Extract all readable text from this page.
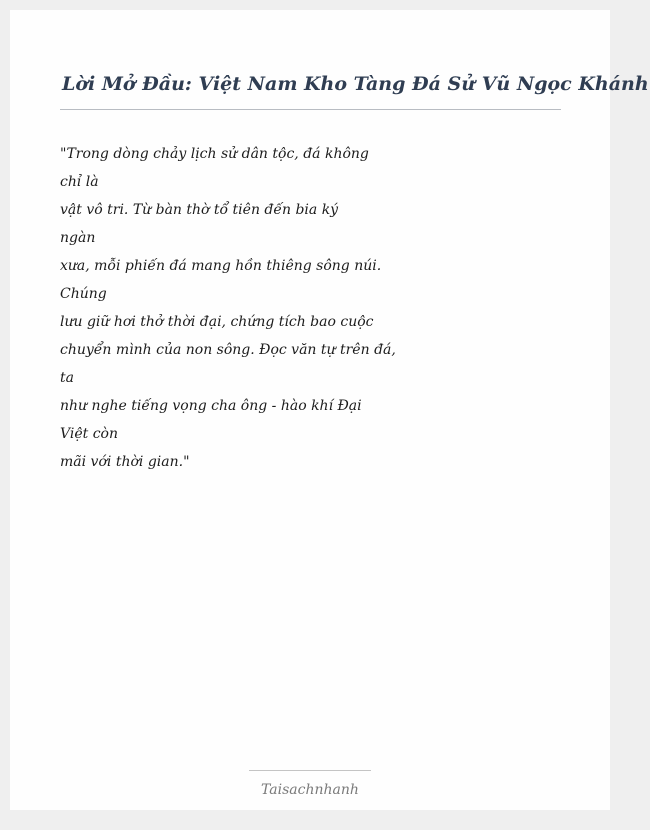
Lời Mở Đầu: Việt Nam Kho Tàng Đá Sử Vũ Ngọc Khánh
"Trong dòng chảy lịch sử dân tộc, đá không
chỉ là
vật vô tri. Từ bàn thờ tổ tiên đến bia ký
ngàn
xưa, mỗi phiến đá mang hồn thiêng sông núi.
Chúng
lưu giữ hơi thở thời đại, chứng tích bao cuộc
chuyển mình của non sông. Đọc văn tự trên đá,
ta
như nghe tiếng vọng cha ông - hào khí Đại
Việt còn
mãi với thời gian."
Taisachnhanh
